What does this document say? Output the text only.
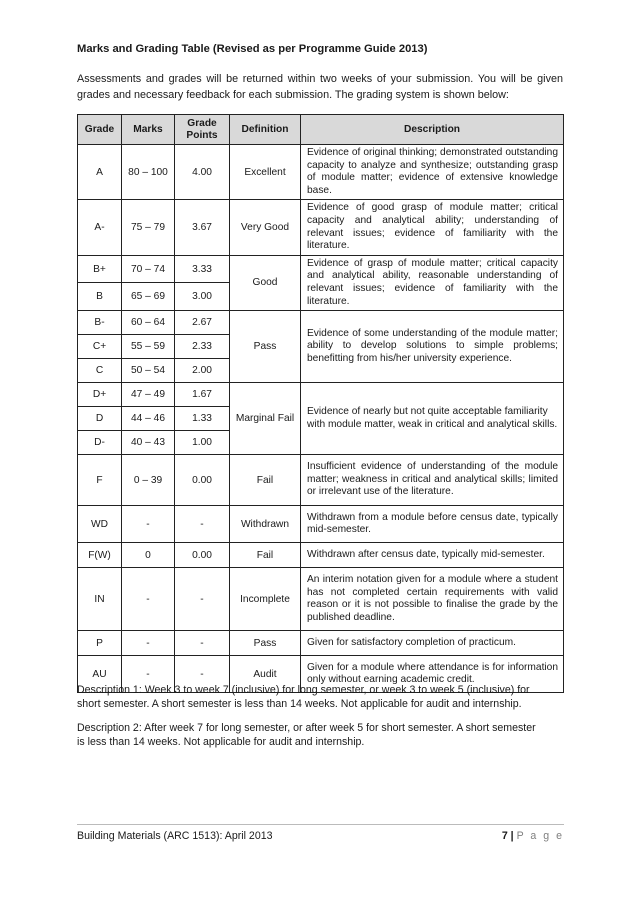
Marks and Grading Table (Revised as per Programme Guide 2013)
Assessments and grades will be returned within two weeks of your submission. You will be given grades and necessary feedback for each submission. The grading system is shown below:
Grade	Marks	Grade Points	Definition	Description
A	80 – 100	4.00	Excellent	Evidence of original thinking; demonstrated outstanding capacity to analyze and synthesize; outstanding grasp of module matter; evidence of extensive knowledge base.
A-	75 – 79	3.67	Very Good	Evidence of good grasp of module matter; critical capacity and analytical ability; understanding of relevant issues; evidence of familiarity with the literature.
B+	70 – 74	3.33	Good	Evidence of grasp of module matter; critical capacity and analytical ability, reasonable understanding of relevant issues; evidence of familiarity with the literature.
B	65 – 69	3.00		
B-	60 – 64	2.67	Pass	Evidence of some understanding of the module matter; ability to develop solutions to simple problems; benefitting from his/her university experience.
C+	55 – 59	2.33		
C	50 – 54	2.00		
D+	47 – 49	1.67	Marginal Fail	Evidence of nearly but not quite acceptable familiarity with module matter, weak in critical and analytical skills.
D	44 – 46	1.33		
D-	40 – 43	1.00		
F	0 – 39	0.00	Fail	Insufficient evidence of understanding of the module matter; weakness in critical and analytical skills; limited or irrelevant use of the literature.
WD	-	-	Withdrawn	Withdrawn from a module before census date, typically mid-semester.
F(W)	0	0.00	Fail	Withdrawn after census date, typically mid-semester.
IN	-	-	Incomplete	An interim notation given for a module where a student has not completed certain requirements with valid reason or it is not possible to finalise the grade by the published deadline.
P	-	-	Pass	Given for satisfactory completion of practicum.
AU	-	-	Audit	Given for a module where attendance is for information only without earning academic credit.
Description 1: Week 3 to week 7 (inclusive) for long semester, or week 3 to week 5 (inclusive) for short semester. A short semester is less than 14 weeks. Not applicable for audit and internship.
Description 2: After week 7 for long semester, or after week 5 for short semester. A short semester is less than 14 weeks. Not applicable for audit and internship.
Building Materials (ARC 1513): April 2013	7 | P a g e
